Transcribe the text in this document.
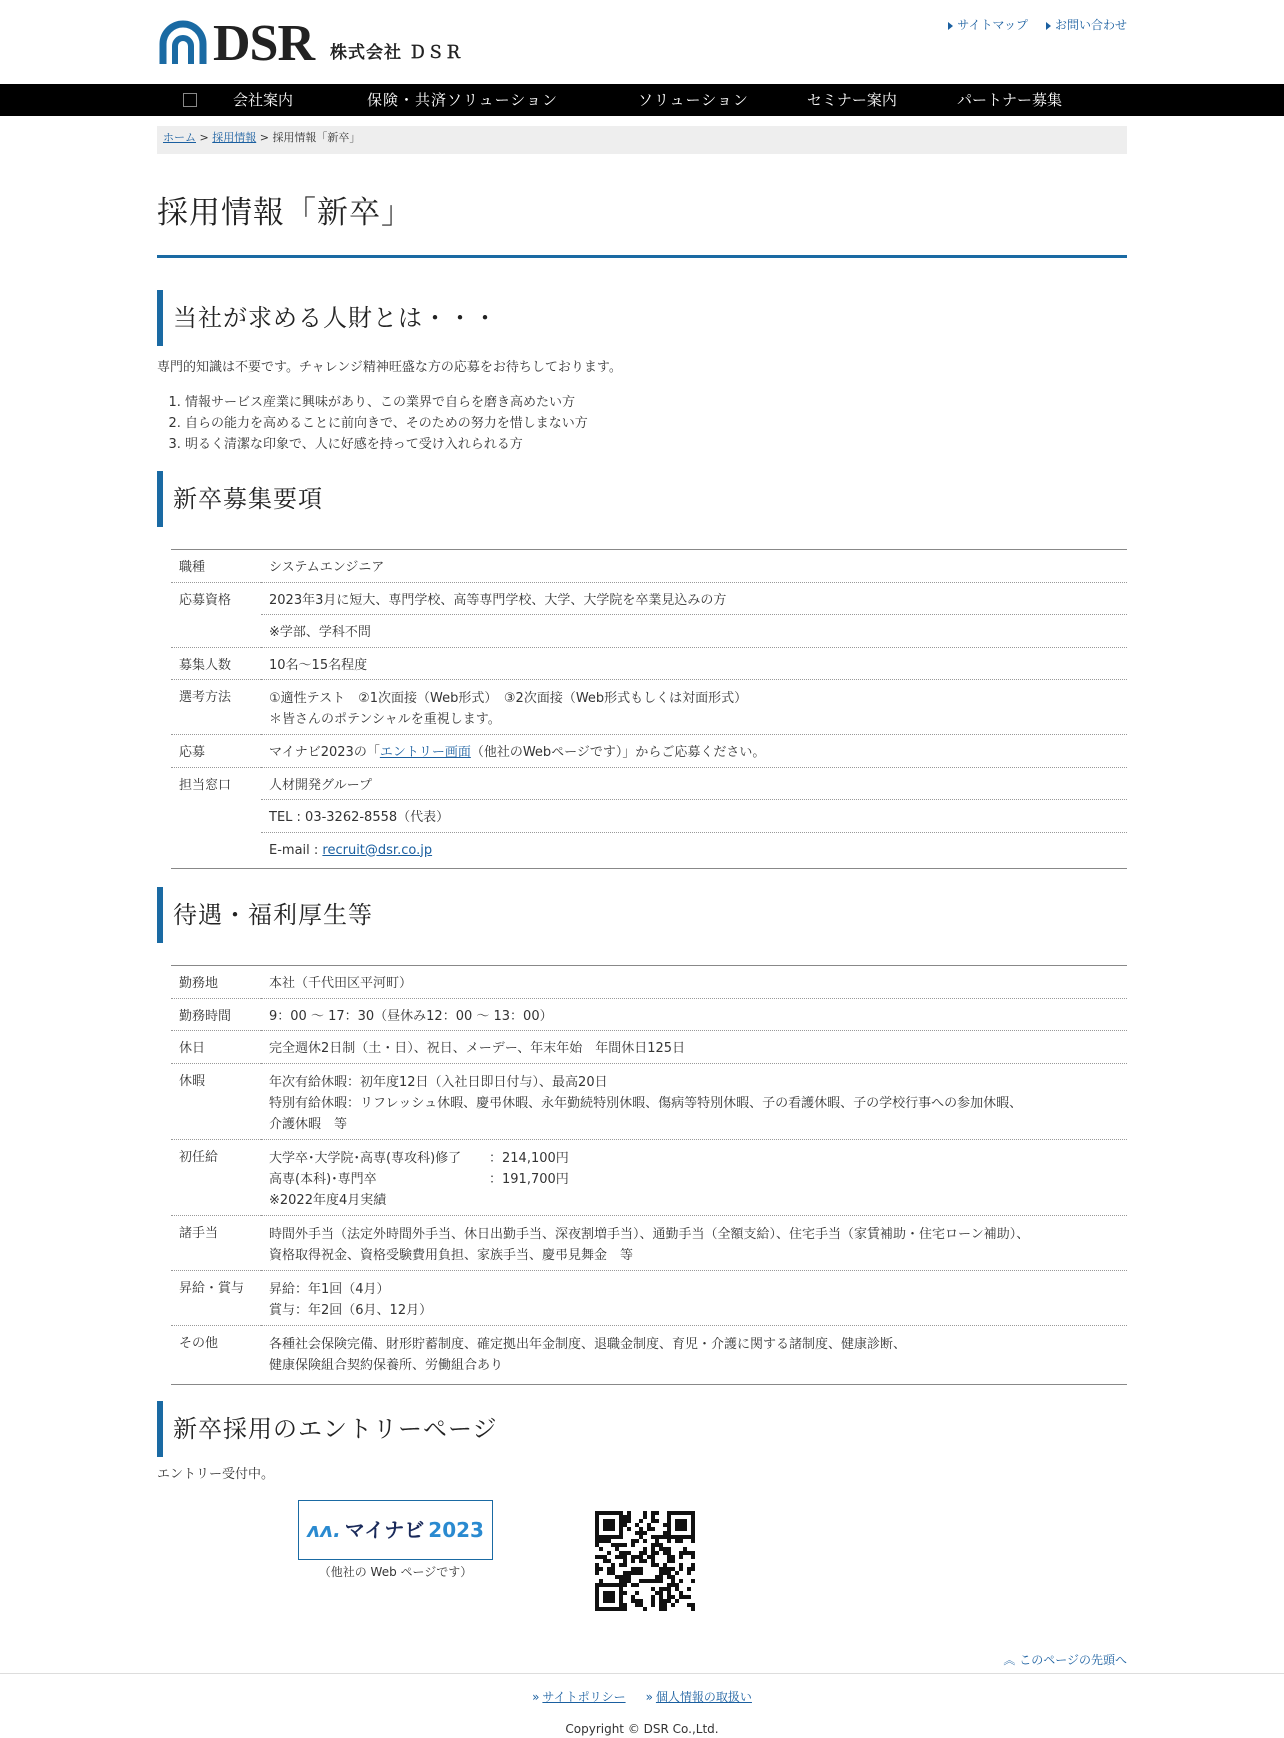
DSR 株式会社 ＤＳＲ
サイトマップ	お問い合わせ
会社案内	保険・共済ソリューション	ソリューション	セミナー案内	パートナー募集
ホーム > 採用情報 > 採用情報「新卒」
採用情報「新卒」
当社が求める人財とは・・・

専門的知識は不要です。チャレンジ精神旺盛な方の応募をお待ちしております。

1. 情報サービス産業に興味があり、この業界で自らを磨き高めたい方
2. 自らの能力を高めることに前向きで、そのための努力を惜しまない方
3. 明るく清潔な印象で、人に好感を持って受け入れられる方
新卒募集要項
職種	システムエンジニア
応募資格	2023年3月に短大、専門学校、高等専門学校、大学、大学院を卒業見込みの方
	※学部、学科不問
募集人数	10名～15名程度
選考方法	①適性テスト　②1次面接（Web形式）　③2次面接（Web形式もしくは対面形式）
＊皆さんのポテンシャルを重視します。

応募	マイナビ2023の「エントリー画面（他社のWebページです）」からご応募ください。
担当窓口	人材開発グループ
	TEL : 03-3262-8558（代表）
	E-mail : recruit@dsr.co.jp
待遇・福利厚生等
勤務地	本社（千代田区平河町）
勤務時間	9：00 ～ 17：30（昼休み12：00 ～ 13：00）
休日	完全週休2日制（土・日）、祝日、メーデー、年末年始　年間休日125日
休暇	年次有給休暇：初年度12日（入社日即日付与）、最高20日
特別有給休暇：リフレッシュ休暇、慶弔休暇、永年勤続特別休暇、傷病等特別休暇、子の看護休暇、子の学校行事への参加休暇、
介護休暇　等

初任給	大学卒･大学院･高専(専攻科)修了 ：214,100円
高専(本科)･専門卒 ：191,700円
※2022年度4月実績

諸手当	時間外手当（法定外時間外手当、休日出勤手当、深夜割増手当）、通勤手当（全額支給）、住宅手当（家賃補助・住宅ローン補助）、
資格取得祝金、資格受験費用負担、家族手当、慶弔見舞金　等

昇給・賞与	昇給：年1回（4月）
賞与：年2回（6月、12月）

その他	各種社会保険完備、財形貯蓄制度、確定拠出年金制度、退職金制度、育児・介護に関する諸制度、健康診断、
健康保険組合契約保養所、労働組合あり
新卒採用のエントリーページ

エントリー受付中。

ʌʌ. マイナビ 2023
（他社の Web ページです）
︽ このページの先頭へ
» サイトポリシー » 個人情報の取扱い
Copyright © DSR Co.,Ltd.
